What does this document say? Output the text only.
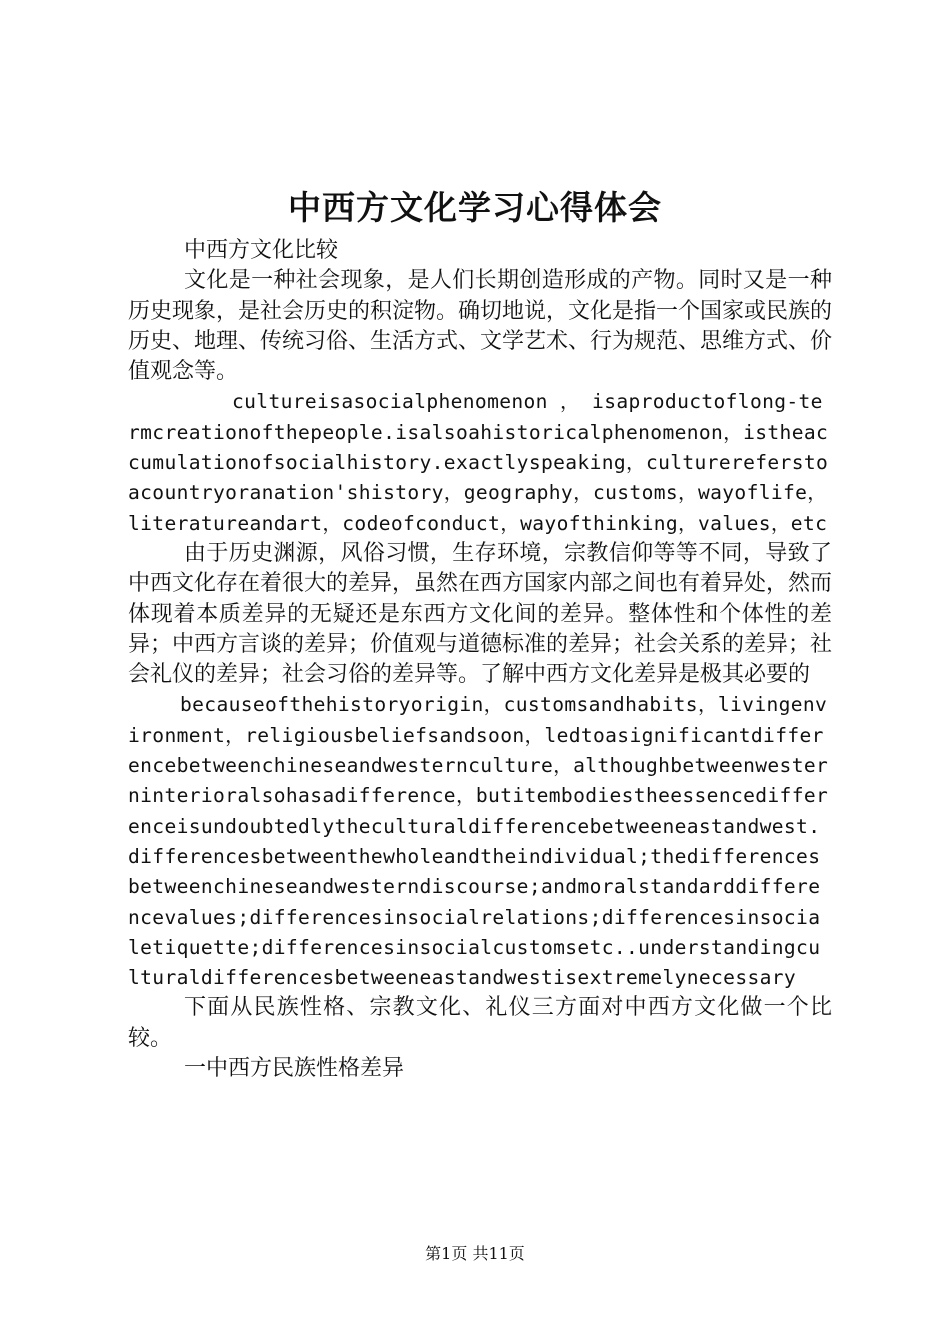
中西方文化学习心得体会

中西方文化比较

文化是一种社会现象，是人们长期创造形成的产物。同时又是一种历史现象，是社会历史的积淀物。确切地说，文化是指一个国家或民族的历史、地理、传统习俗、生活方式、文学艺术、行为规范、思维方式、价值观念等。

cultureisasocialphenomenon ， isaproductoflong-termcreationofthepeople.isalsoahistoricalphenomenon，istheaccumulationofsocialhistory.exactlyspeaking，culturereferstoacountryoranation'shistory，geography，customs，wayoflife，literatureandart，codeofconduct，wayofthinking，values，etc

由于历史渊源，风俗习惯，生存环境，宗教信仰等等不同，导致了中西文化存在着很大的差异，虽然在西方国家内部之间也有着异处，然而体现着本质差异的无疑还是东西方文化间的差异。整体性和个体性的差异；中西方言谈的差异；价值观与道德标准的差异；社会关系的差异；社会礼仪的差异；社会习俗的差异等。了解中西方文化差异是极其必要的

becauseofthehistoryorigin，customsandhabits，livingenvironment，religiousbeliefsandsoon，ledtoasignificantdifferencebetweenchineseandwesternculture，althoughbetweenwesterninterioralsohasadifference，butitembodiestheessencedifferenceisundoubtedlytheculturaldifferencebetweeneastandwest.differencesbetweenthewholeandtheindividual;thedifferencesbetweenchineseandwesterndiscourse;andmoralstandarddifferencevalues;differencesinsocialrelations;differencesinsocialetiquette;differencesinsocialcustomsetc..understandingculturaldifferencesbetweeneastandwestisextremelynecessary

下面从民族性格、宗教文化、礼仪三方面对中西方文化做一个比较。

一中西方民族性格差异

第1页 共11页
